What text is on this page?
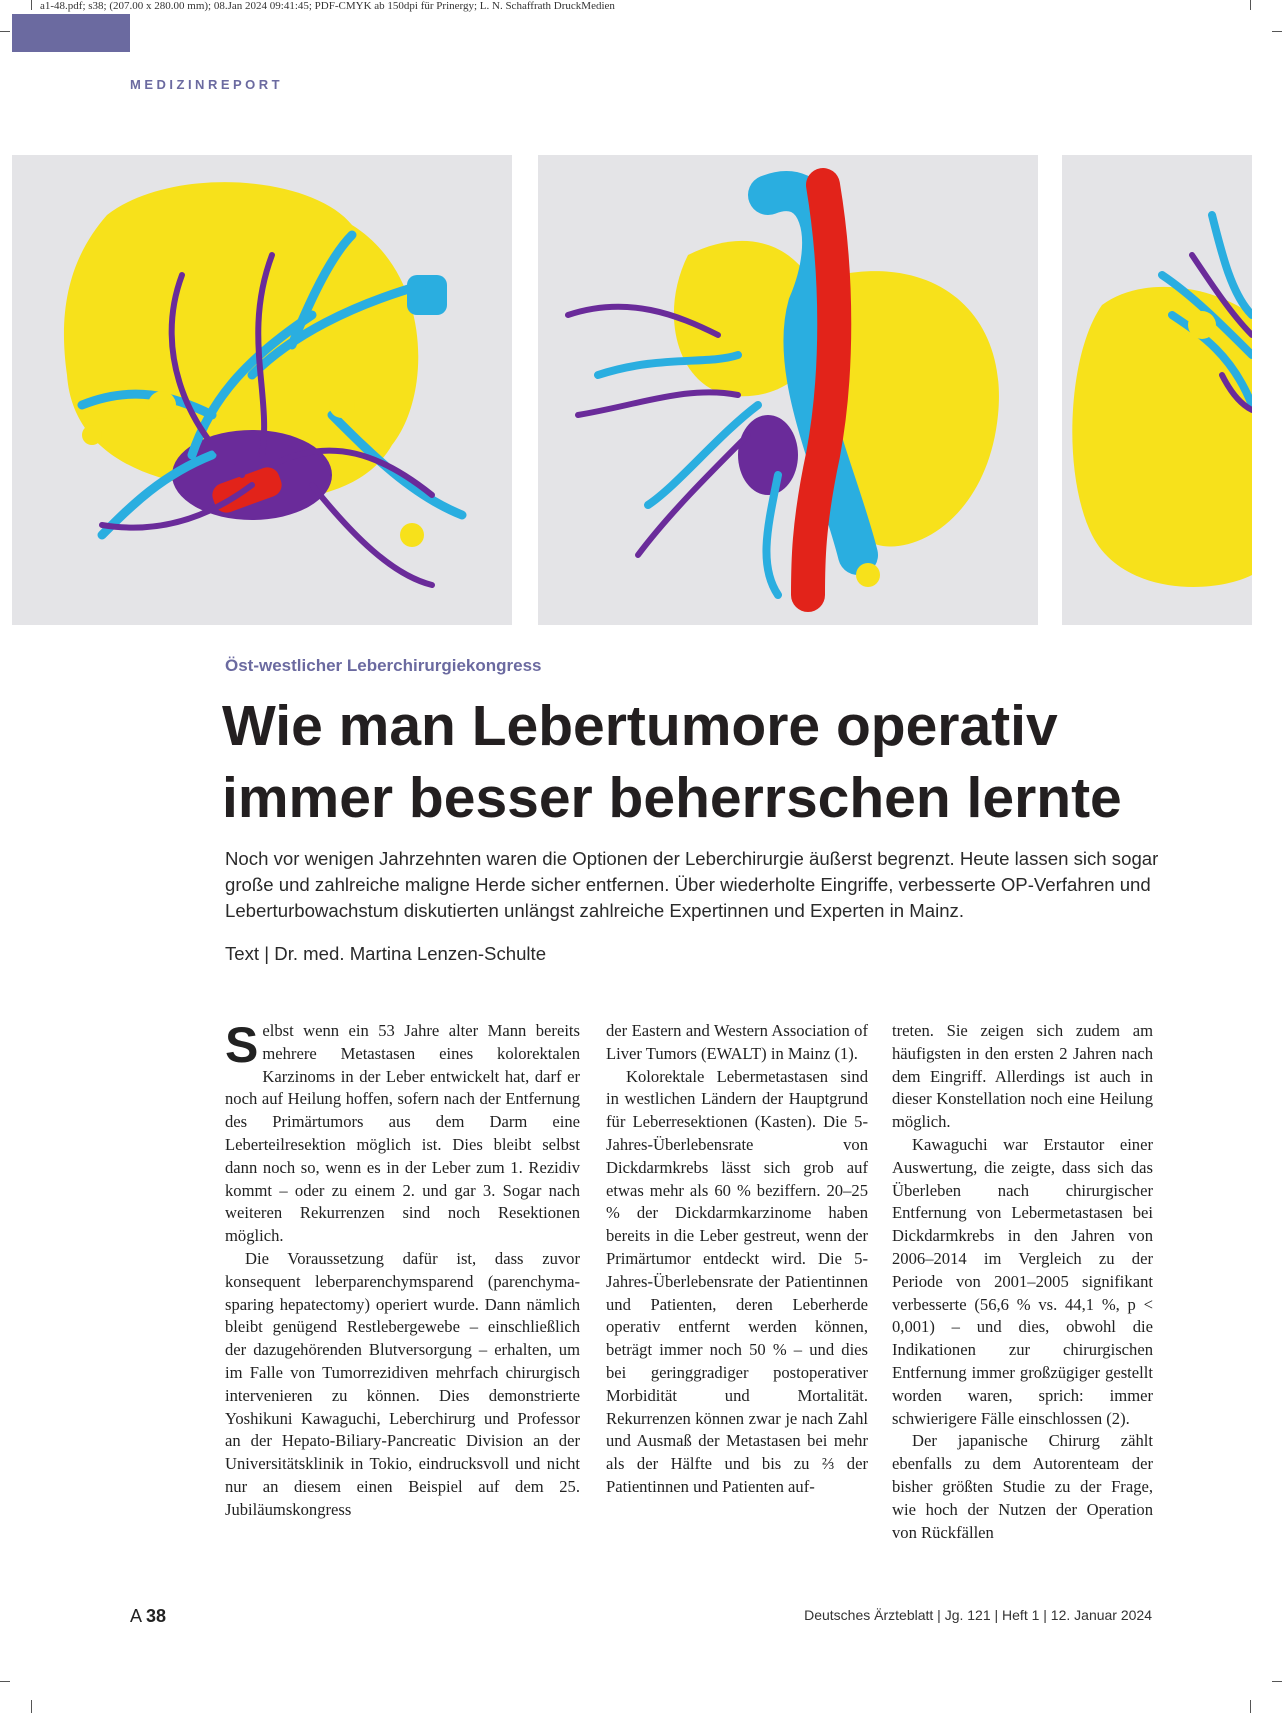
a1-48.pdf; s38; (207.00 x 280.00 mm); 08.Jan 2024 09:41:45; PDF-CMYK ab 150dpi für Prinergy; L. N. Schaffrath DruckMedien
MEDIZINREPORT
Öst-westlicher Leberchirurgiekongress
Wie man Lebertumore operativ
immer besser beherrschen lernte
Noch vor wenigen Jahrzehnten waren die Optionen der Leberchirurgie äußerst begrenzt. Heute lassen sich sogar große und zahlreiche maligne Herde sicher entfernen. Über wiederholte Eingriffe, verbesserte OP-Verfahren und Leberturbowachstum diskutierten unlängst zahlreiche Expertinnen und Experten in Mainz.
Text | Dr. med. Martina Lenzen-Schulte

Selbst wenn ein 53 Jahre alter Mann bereits mehrere Metastasen eines kolorektalen Karzinoms in der Leber entwickelt hat, darf er noch auf Heilung hoffen, sofern nach der Entfernung des Primärtumors aus dem Darm eine Leberteilresektion möglich ist. Dies bleibt selbst dann noch so, wenn es in der Leber zum 1. Rezidiv kommt – oder zu einem 2. und gar 3. Sogar nach weiteren Rekurrenzen sind noch Resektionen möglich.

Die Voraussetzung dafür ist, dass zuvor konsequent leberparenchymsparend (parenchyma-sparing hepatectomy) operiert wurde. Dann nämlich bleibt genügend Restlebergewebe – einschließlich der dazugehörenden Blutversorgung – erhalten, um im Falle von Tumorrezidiven mehrfach chirurgisch intervenieren zu können. Dies demonstrierte Yoshikuni Kawaguchi, Leberchirurg und Professor an der Hepato-Biliary-Pancreatic Division an der Universitätsklinik in Tokio, eindrucksvoll und nicht nur an diesem einen Beispiel auf dem 25. Jubiläumskongress

der Eastern and Western Association of Liver Tumors (EWALT) in Mainz (1).

Kolorektale Lebermetastasen sind in westlichen Ländern der Hauptgrund für Leberresektionen (Kasten). Die 5-Jahres-Überlebensrate von Dickdarmkrebs lässt sich grob auf etwas mehr als 60 % beziffern. 20–25 % der Dickdarmkarzinome haben bereits in die Leber gestreut, wenn der Primärtumor entdeckt wird. Die 5-Jahres-Überlebensrate der Patientinnen und Patienten, deren Leberherde operativ entfernt werden können, beträgt immer noch 50 % – und dies bei geringgradiger postoperativer Morbidität und Mortalität. Rekurrenzen können zwar je nach Zahl und Ausmaß der Metastasen bei mehr als der Hälfte und bis zu ⅔ der Patientinnen und Patienten auf-

treten. Sie zeigen sich zudem am häufigsten in den ersten 2 Jahren nach dem Eingriff. Allerdings ist auch in dieser Konstellation noch eine Heilung möglich.

Kawaguchi war Erstautor einer Auswertung, die zeigte, dass sich das Überleben nach chirurgischer Entfernung von Lebermetastasen bei Dickdarmkrebs in den Jahren von 2006–2014 im Vergleich zu der Periode von 2001–2005 signifikant verbesserte (56,6 % vs. 44,1 %, p < 0,001) – und dies, obwohl die Indikationen zur chirurgischen Entfernung immer großzügiger gestellt worden waren, sprich: immer schwierigere Fälle einschlossen (2).

Der japanische Chirurg zählt ebenfalls zu dem Autorenteam der bisher größten Studie zu der Frage, wie hoch der Nutzen der Operation von Rückfällen

A 38	Deutsches Ärzteblatt | Jg. 121 | Heft 1 | 12. Januar 2024
